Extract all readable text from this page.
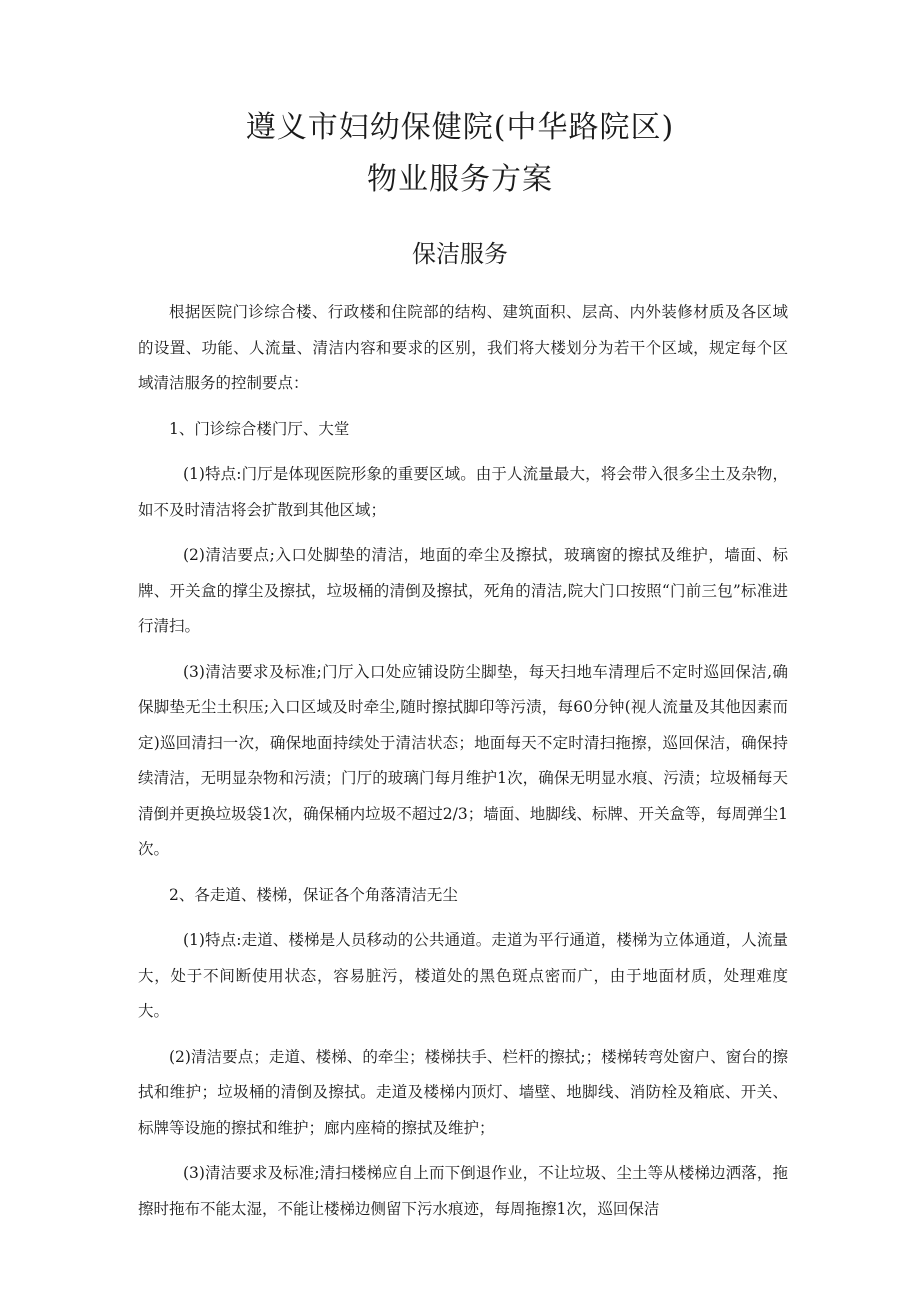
遵义市妇幼保健院(中华路院区)
物业服务方案
保洁服务

根据医院门诊综合楼、行政楼和住院部的结构、建筑面积、层高、内外装修材质及各区域的设置、功能、人流量、清洁内容和要求的区别，我们将大楼划分为若干个区域，规定每个区域清洁服务的控制要点：

1、门诊综合楼门厅、大堂

(1)特点:门厅是体现医院形象的重要区域。由于人流量最大，将会带入很多尘土及杂物，如不及时清洁将会扩散到其他区域；

(2)清洁要点;入口处脚垫的清洁，地面的牵尘及擦拭，玻璃窗的擦拭及维护，墙面、标牌、开关盒的撑尘及擦拭，垃圾桶的清倒及擦拭，死角的清洁,院大门口按照“门前三包”标准进行清扫。

(3)清洁要求及标准;门厅入口处应铺设防尘脚垫，每天扫地车清理后不定时巡回保洁,确保脚垫无尘土积压;入口区域及时牵尘,随时擦拭脚印等污渍，每60分钟(视人流量及其他因素而定)巡回清扫一次，确保地面持续处于清洁状态；地面每天不定时清扫拖擦，巡回保洁，确保持续清洁，无明显杂物和污渍；门厅的玻璃门每月维护1次，确保无明显水痕、污渍；垃圾桶每天清倒并更换垃圾袋1次，确保桶内垃圾不超过2/3；墙面、地脚线、标牌、开关盒等，每周弹尘1次。

2、各走道、楼梯，保证各个角落清洁无尘

(1)特点:走道、楼梯是人员移动的公共通道。走道为平行通道，楼梯为立体通道，人流量大，处于不间断使用状态，容易脏污，楼道处的黑色斑点密而广，由于地面材质，处理难度大。

(2)清洁要点；走道、楼梯、的牵尘；楼梯扶手、栏杆的擦拭;；楼梯转弯处窗户、窗台的擦拭和维护；垃圾桶的清倒及擦拭。走道及楼梯内顶灯、墙壁、地脚线、消防栓及箱底、开关、标牌等设施的擦拭和维护；廊内座椅的擦拭及维护；

(3)清洁要求及标准;清扫楼梯应自上而下倒退作业，不让垃圾、尘土等从楼梯边洒落，拖擦时拖布不能太湿，不能让楼梯边侧留下污水痕迹，每周拖擦1次，巡回保洁
